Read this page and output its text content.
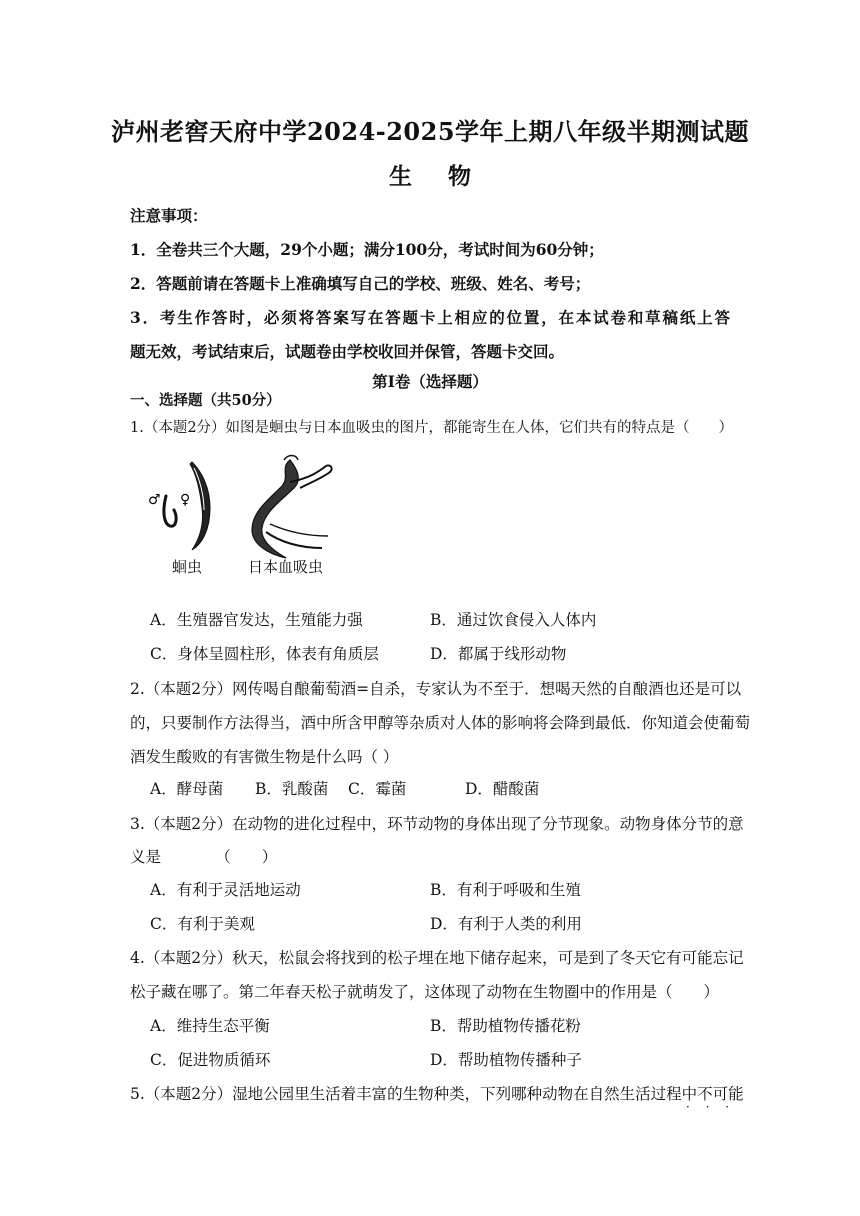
泸州老窖天府中学2024-2025学年上期八年级半期测试题
生 物
注意事项：
1．全卷共三个大题，29个小题；满分100分，考试时间为60分钟；
2．答题前请在答题卡上准确填写自己的学校、班级、姓名、考号；
3．考生作答时，必须将答案写在答题卡上相应的位置，在本试卷和草稿纸上答
题无效，考试结束后，试题卷由学校收回并保管，答题卡交回。
第Ⅰ卷（选择题）
一、选择题（共50分）
1.（本题2分）如图是蛔虫与日本血吸虫的图片，都能寄生在人体，它们共有的特点是（　　）
♂ ♀
蛔虫	日本血吸虫
A．生殖器官发达，生殖能力强	B．通过饮食侵入人体内
C．身体呈圆柱形，体表有角质层	D．都属于线形动物
2.（本题2分）网传喝自酿葡萄酒=自杀，专家认为不至于．想喝天然的自酿酒也还是可以
的，只要制作方法得当，酒中所含甲醇等杂质对人体的影响将会降到最低．你知道会使葡萄
酒发生酸败的有害微生物是什么吗（ ）
A．酵母菌 B．乳酸菌 C．霉菌	D．醋酸菌
3.（本题2分）在动物的进化过程中，环节动物的身体出现了分节现象。动物身体分节的意
义是　　　　（　　）
A．有利于灵活地运动	B．有利于呼吸和生殖
C．有利于美观	D．有利于人类的利用
4.（本题2分）秋天，松鼠会将找到的松子埋在地下储存起来，可是到了冬天它有可能忘记
松子藏在哪了。第二年春天松子就萌发了，这体现了动物在生物圈中的作用是（　　）
A．维持生态平衡	B．帮助植物传播花粉
C．促进物质循环	D．帮助植物传播种子
5.（本题2分）湿地公园里生活着丰富的生物种类，下列哪种动物在自然生活过程中不可能
· · ·
